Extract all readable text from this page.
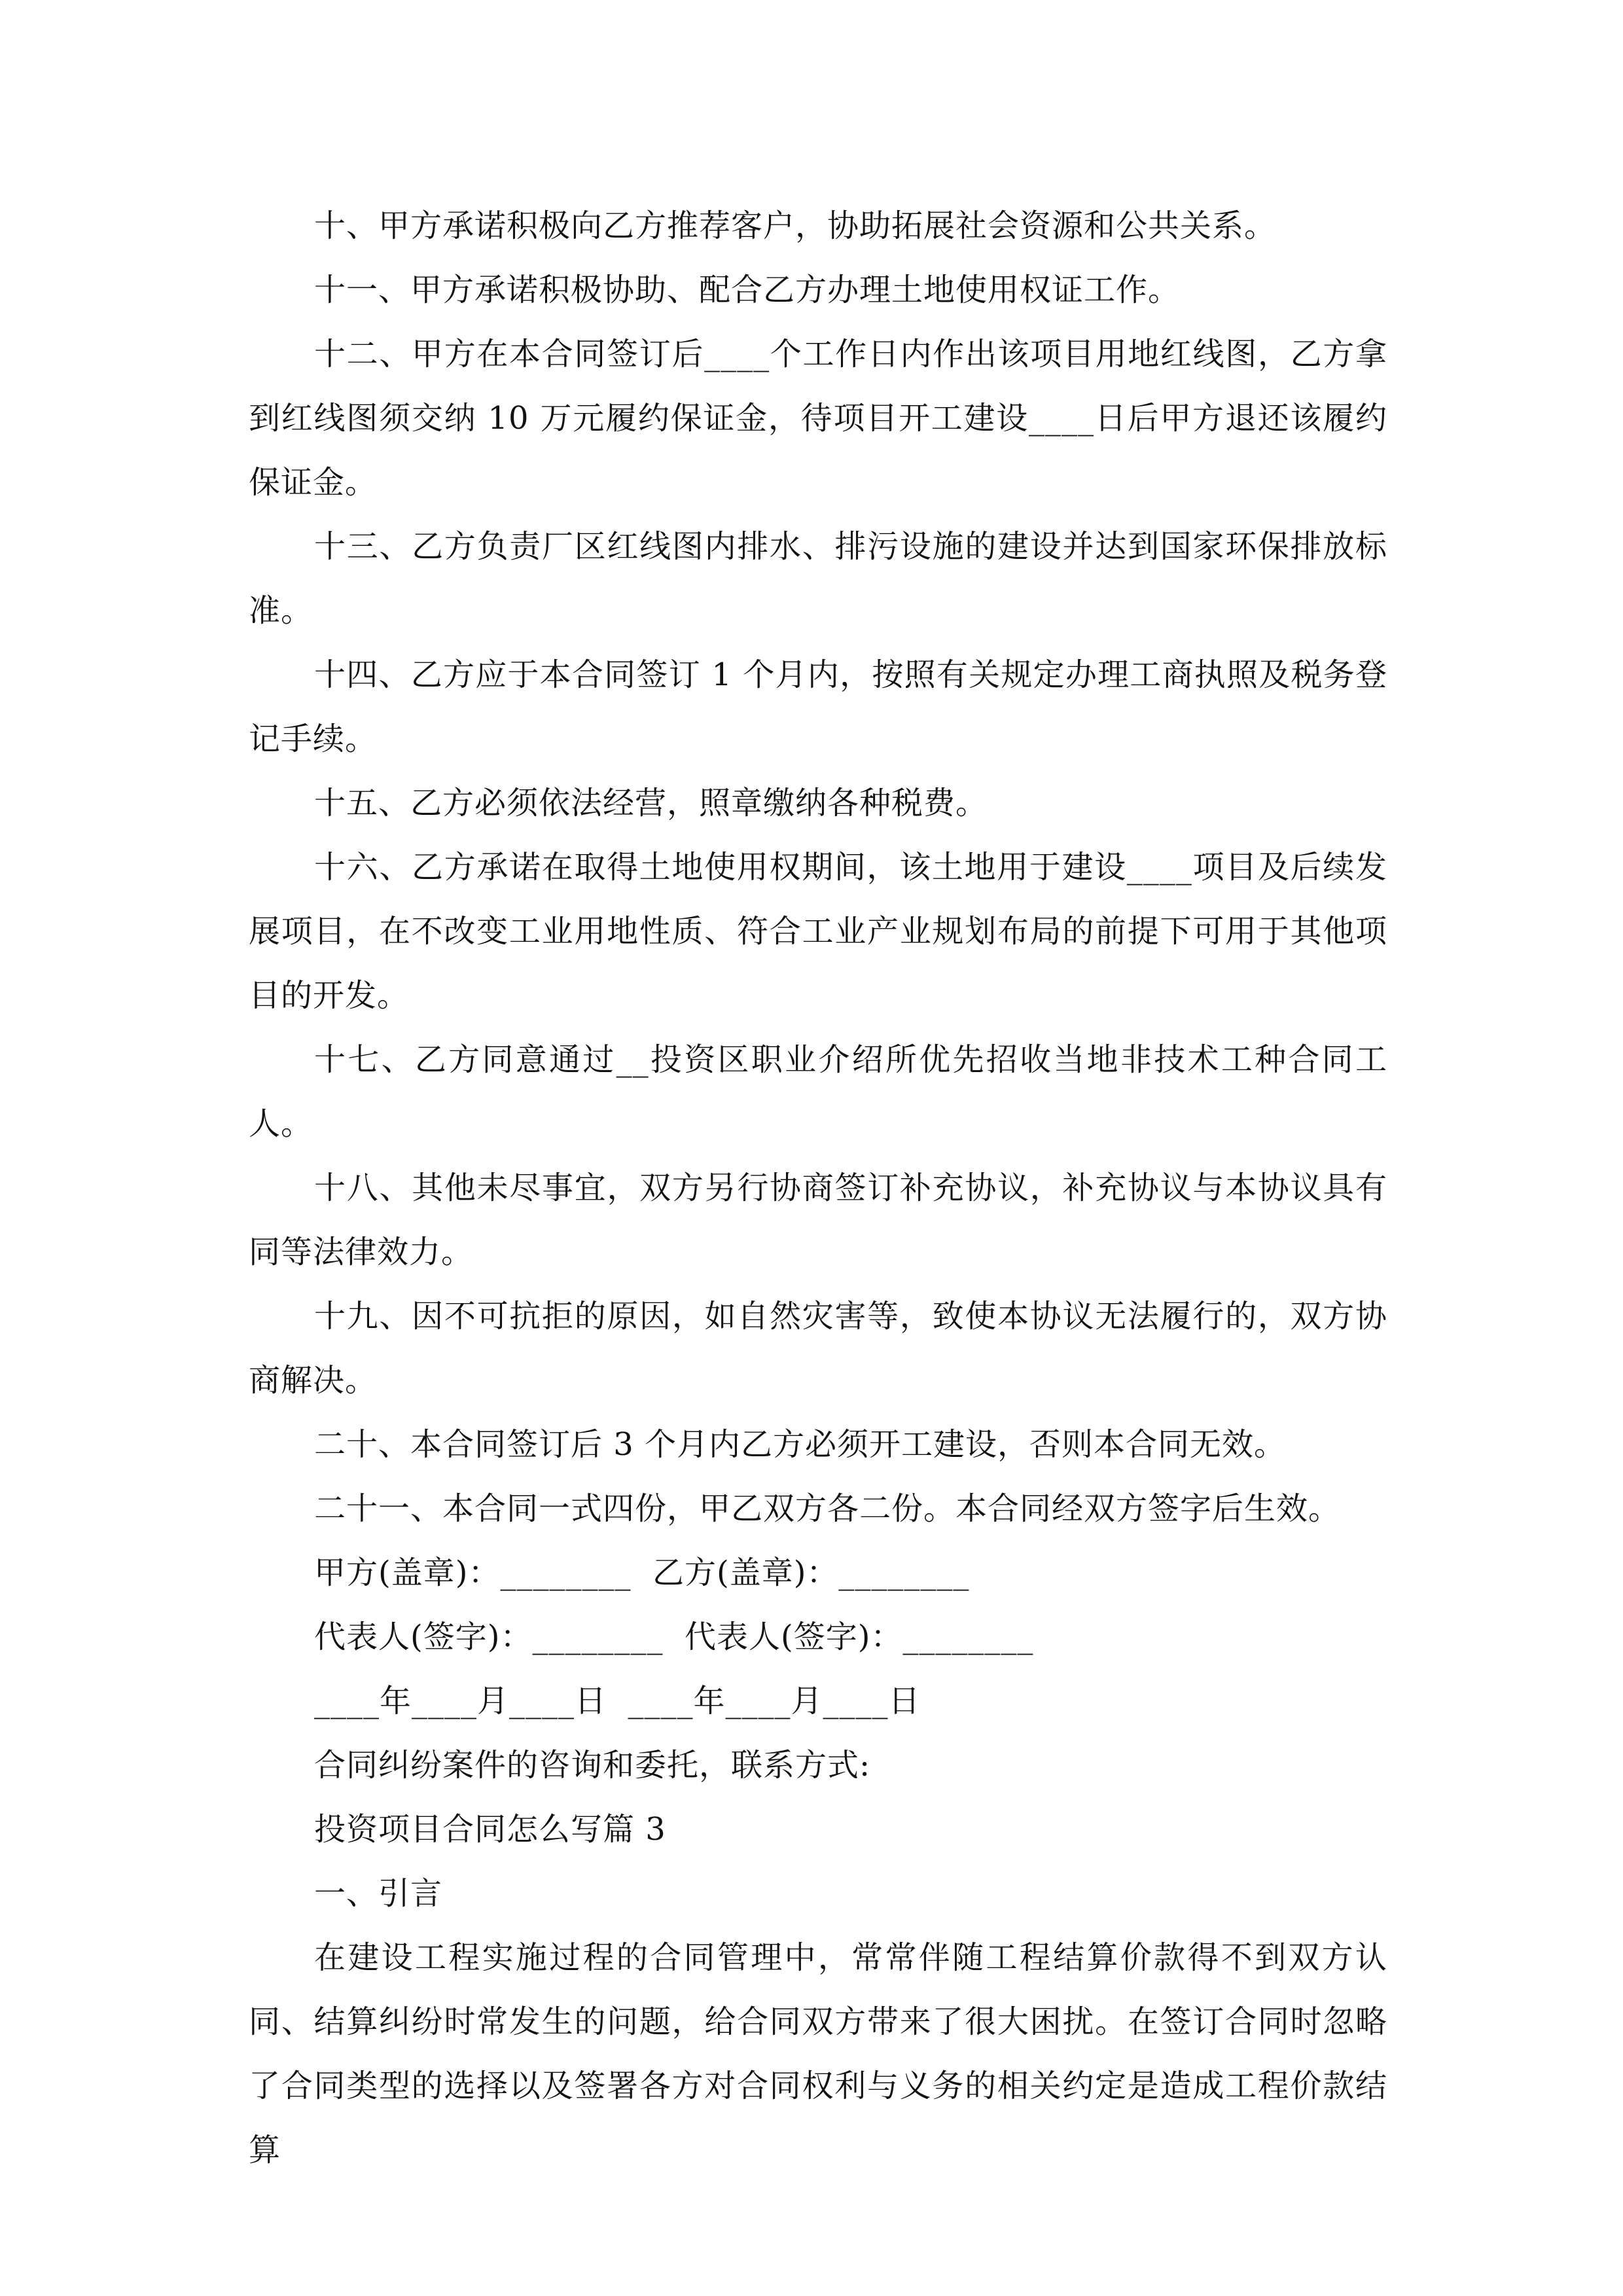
十、甲方承诺积极向乙方推荐客户，协助拓展社会资源和公共关系。

十一、甲方承诺积极协助、配合乙方办理土地使用权证工作。

十二、甲方在本合同签订后____个工作日内作出该项目用地红线图，乙方拿到红线图须交纳 10 万元履约保证金，待项目开工建设____日后甲方退还该履约保证金。

十三、乙方负责厂区红线图内排水、排污设施的建设并达到国家环保排放标准。

十四、乙方应于本合同签订 1 个月内，按照有关规定办理工商执照及税务登记手续。

十五、乙方必须依法经营，照章缴纳各种税费。

十六、乙方承诺在取得土地使用权期间，该土地用于建设____项目及后续发展项目，在不改变工业用地性质、符合工业产业规划布局的前提下可用于其他项目的开发。

十七、乙方同意通过__投资区职业介绍所优先招收当地非技术工种合同工人。

十八、其他未尽事宜，双方另行协商签订补充协议，补充协议与本协议具有同等法律效力。

十九、因不可抗拒的原因，如自然灾害等，致使本协议无法履行的，双方协商解决。

二十、本合同签订后 3 个月内乙方必须开工建设，否则本合同无效。

二十一、本合同一式四份，甲乙双方各二份。本合同经双方签字后生效。

甲方(盖章)：________  乙方(盖章)：________

代表人(签字)：________  代表人(签字)：________

____年____月____日  ____年____月____日

合同纠纷案件的咨询和委托，联系方式:

投资项目合同怎么写篇 3

一、引言

在建设工程实施过程的合同管理中，常常伴随工程结算价款得不到双方认同、结算纠纷时常发生的问题，给合同双方带来了很大困扰。在签订合同时忽略了合同类型的选择以及签署各方对合同权利与义务的相关约定是造成工程价款结算
